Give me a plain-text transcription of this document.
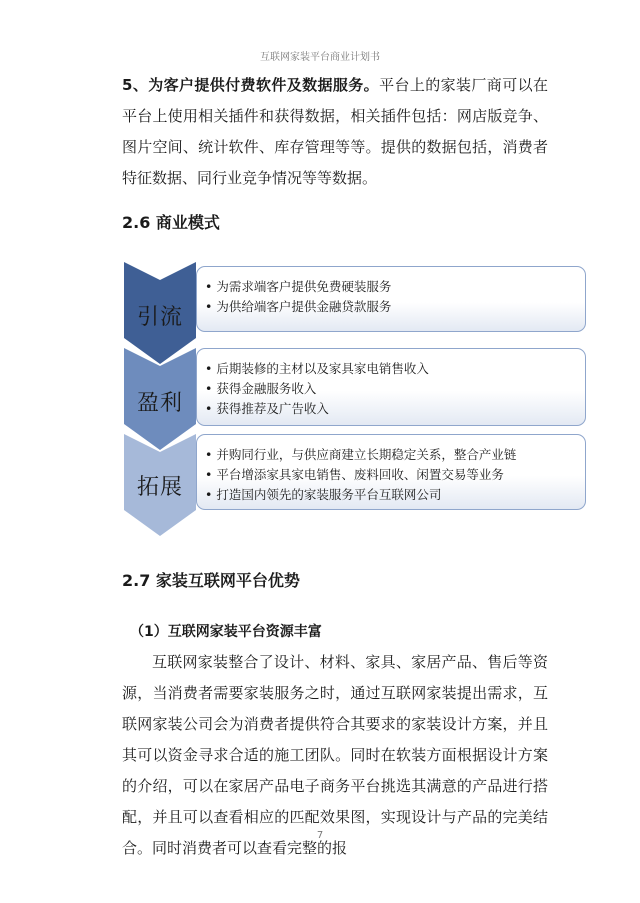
互联网家装平台商业计划书

5、为客户提供付费软件及数据服务。平台上的家装厂商可以在平台上使用相关插件和获得数据，相关插件包括：网店版竞争、图片空间、统计软件、库存管理等等。提供的数据包括，消费者特征数据、同行业竞争情况等等数据。

2.6 商业模式
引流
• 为需求端客户提供免费硬装服务
• 为供给端客户提供金融贷款服务
盈利
• 后期装修的主材以及家具家电销售收入
• 获得金融服务收入
• 获得推荐及广告收入
拓展
• 并购同行业，与供应商建立长期稳定关系，整合产业链
• 平台增添家具家电销售、废料回收、闲置交易等业务
• 打造国内领先的家装服务平台互联网公司
2.7 家装互联网平台优势
（1）互联网家装平台资源丰富

互联网家装整合了设计、材料、家具、家居产品、售后等资源，当消费者需要家装服务之时，通过互联网家装提出需求，互联网家装公司会为消费者提供符合其要求的家装设计方案，并且其可以资金寻求合适的施工团队。同时在软装方面根据设计方案的介绍，可以在家居产品电子商务平台挑选其满意的产品进行搭配，并且可以查看相应的匹配效果图，实现设计与产品的完美结合。同时消费者可以查看完整的报

7
